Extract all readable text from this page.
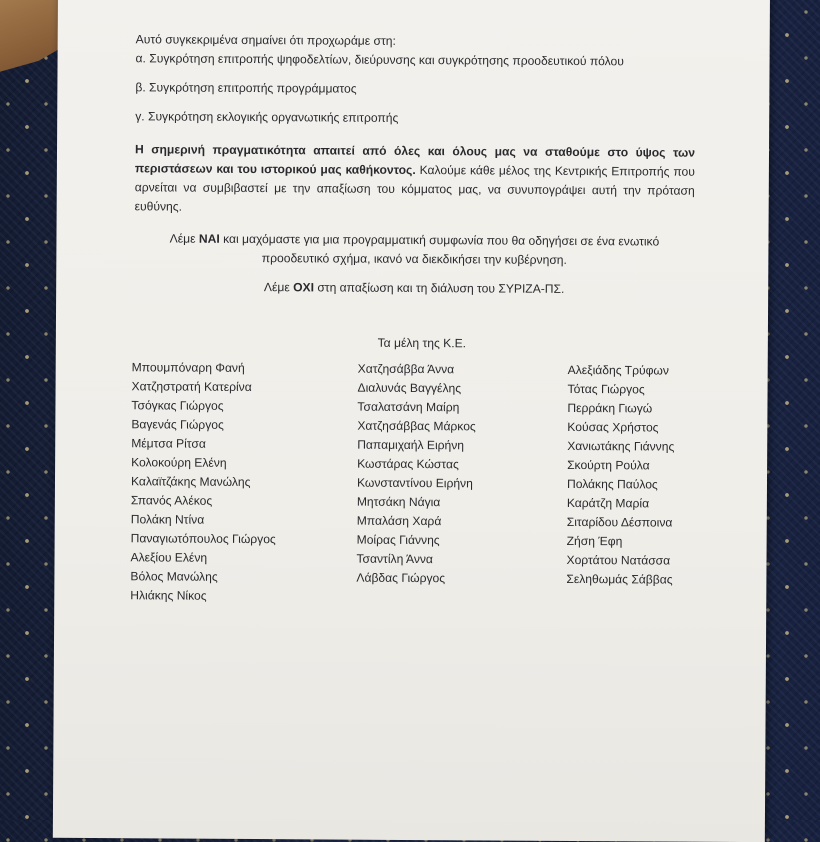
Αυτό συγκεκριμένα σημαίνει ότι προχωράμε στη:

α. Συγκρότηση επιτροπής ψηφοδελτίων, διεύρυνσης και συγκρότησης προοδευτικού πόλου

β. Συγκρότηση επιτροπής προγράμματος

γ. Συγκρότηση εκλογικής οργανωτικής επιτροπής

Η σημερινή πραγματικότητα απαιτεί από όλες και όλους μας να σταθούμε στο ύψος των περιστάσεων και του ιστορικού μας καθήκοντος. Καλούμε κάθε μέλος της Κεντρικής Επιτροπής που αρνείται να συμβιβαστεί με την απαξίωση του κόμματος μας, να συνυπογράψει αυτή την πρόταση ευθύνης.

Λέμε ΝΑΙ και μαχόμαστε για μια προγραμματική συμφωνία που θα οδηγήσει σε ένα ενωτικό προοδευτικό σχήμα, ικανό να διεκδικήσει την κυβέρνηση.

Λέμε ΟΧΙ στη απαξίωση και τη διάλυση του ΣΥΡΙΖΑ-ΠΣ.

Τα μέλη της Κ.Ε.
Μπουμπόναρη Φανή
Χατζηστρατή Κατερίνα
Τσόγκας Γιώργος
Βαγενάς Γιώργος
Μέμτσα Ρίτσα
Κολοκούρη Ελένη
Καλαϊτζάκης Μανώλης
Σπανός Αλέκος
Πολάκη Ντίνα
Παναγιωτόπουλος Γιώργος
Αλεξίου Ελένη
Βόλος Μανώλης
Ηλιάκης Νίκος
Χατζησάββα Άννα
Διαλυνάς Βαγγέλης
Τσαλατσάνη Μαίρη
Χατζησάββας Μάρκος
Παπαμιχαήλ Ειρήνη
Κωστάρας Κώστας
Κωνσταντίνου Ειρήνη
Μητσάκη Νάγια
Μπαλάση Χαρά
Μοίρας Γιάννης
Τσαντίλη Άννα
Λάβδας Γιώργος
Αλεξιάδης Τρύφων
Τότας Γιώργος
Περράκη Γιωγώ
Κούσας Χρήστος
Χανιωτάκης Γιάννης
Σκούρτη Ρούλα
Πολάκης Παύλος
Καράτζη Μαρία
Σιταρίδου Δέσποινα
Ζήση Έφη
Χορτάτου Νατάσσα
Σεληθωμάς Σάββας
